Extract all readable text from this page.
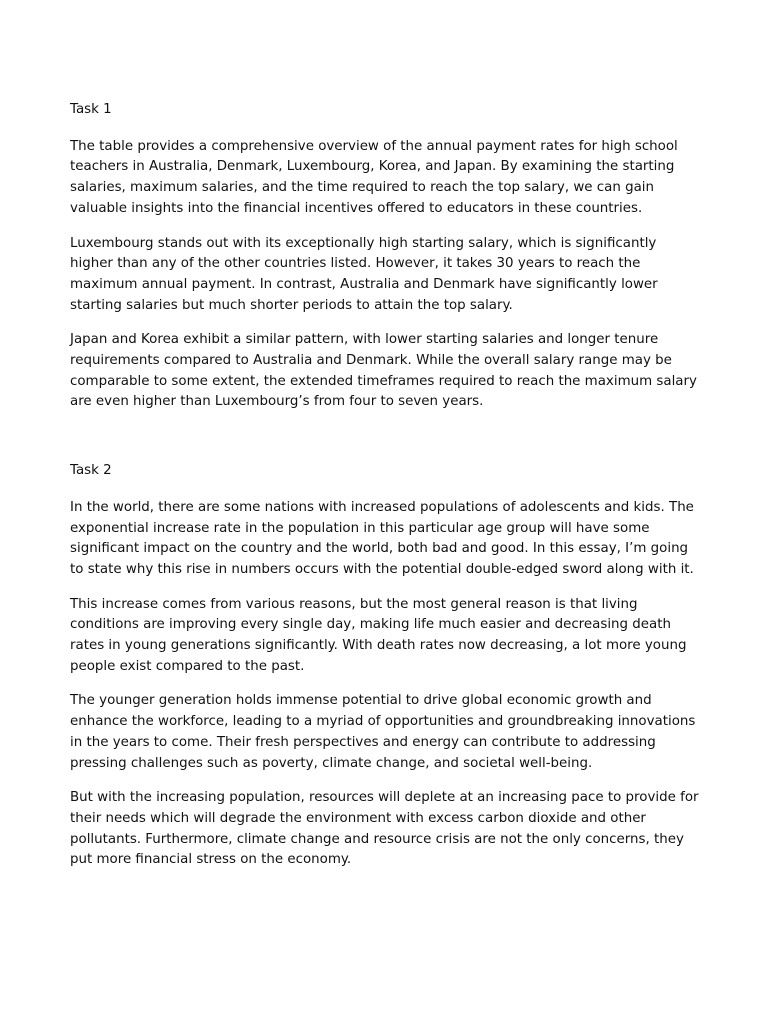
Task 1

The table provides a comprehensive overview of the annual payment rates for high school teachers in Australia, Denmark, Luxembourg, Korea, and Japan. By examining the starting salaries, maximum salaries, and the time required to reach the top salary, we can gain valuable insights into the financial incentives offered to educators in these countries.

Luxembourg stands out with its exceptionally high starting salary, which is significantly higher than any of the other countries listed. However, it takes 30 years to reach the maximum annual payment. In contrast, Australia and Denmark have significantly lower starting salaries but much shorter periods to attain the top salary.

Japan and Korea exhibit a similar pattern, with lower starting salaries and longer tenure requirements compared to Australia and Denmark. While the overall salary range may be comparable to some extent, the extended timeframes required to reach the maximum salary are even higher than Luxembourg’s from four to seven years.

Task 2

In the world, there are some nations with increased populations of adolescents and kids. The exponential increase rate in the population in this particular age group will have some significant impact on the country and the world, both bad and good. In this essay, I’m going to state why this rise in numbers occurs with the potential double-edged sword along with it.

This increase comes from various reasons, but the most general reason is that living conditions are improving every single day, making life much easier and decreasing death rates in young generations significantly. With death rates now decreasing, a lot more young people exist compared to the past.

The younger generation holds immense potential to drive global economic growth and enhance the workforce, leading to a myriad of opportunities and groundbreaking innovations in the years to come. Their fresh perspectives and energy can contribute to addressing pressing challenges such as poverty, climate change, and societal well-being.

But with the increasing population, resources will deplete at an increasing pace to provide for their needs which will degrade the environment with excess carbon dioxide and other pollutants. Furthermore, climate change and resource crisis are not the only concerns, they put more financial stress on the economy.
